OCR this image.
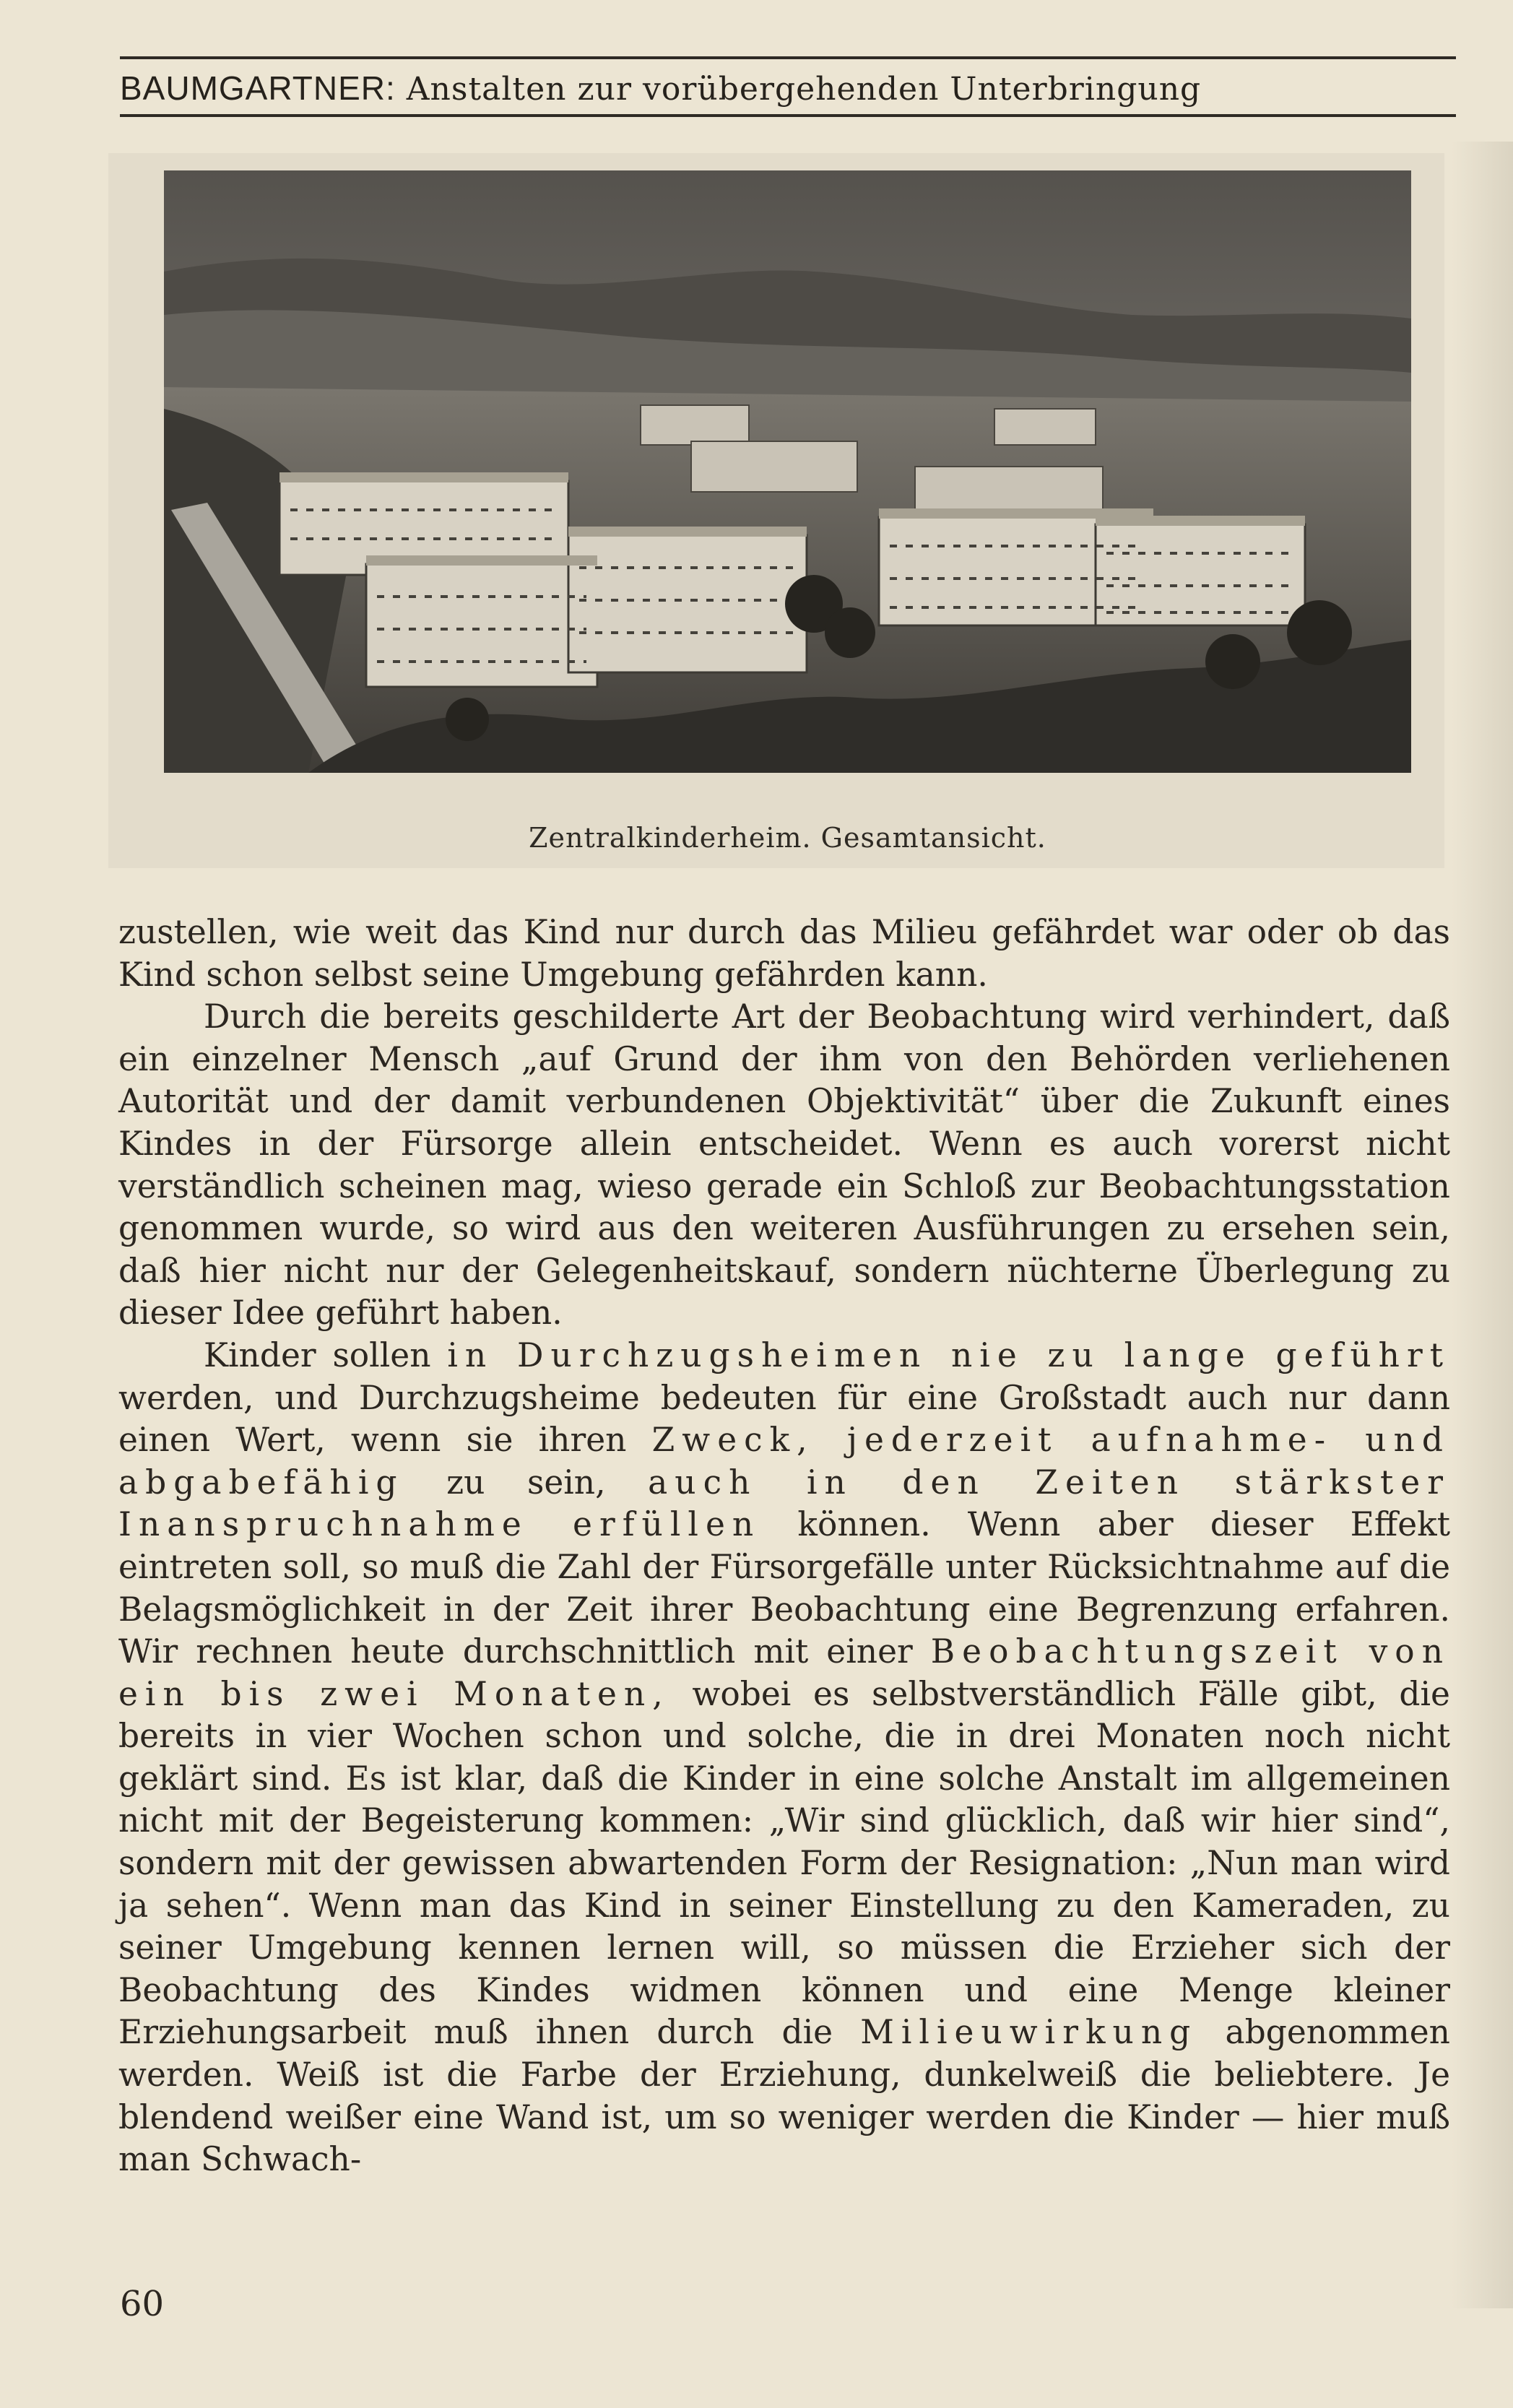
BAUMGARTNER: Anstalten zur vorübergehenden Unterbringung
Zentralkinderheim. Gesamtansicht.

zustellen, wie weit das Kind nur durch das Milieu gefährdet war oder ob das Kind schon selbst seine Umgebung gefährden kann.

Durch die bereits geschilderte Art der Beobachtung wird verhindert, daß ein einzelner Mensch „auf Grund der ihm von den Behörden verliehenen Autorität und der damit verbundenen Objektivität“ über die Zukunft eines Kindes in der Fürsorge allein entscheidet. Wenn es auch vorerst nicht verständlich scheinen mag, wieso gerade ein Schloß zur Beobachtungsstation genommen wurde, so wird aus den weiteren Ausführungen zu ersehen sein, daß hier nicht nur der Gelegenheitskauf, sondern nüchterne Überlegung zu dieser Idee geführt haben.

Kinder sollen in Durchzugsheimen nie zu lange geführt werden, und Durchzugsheime bedeuten für eine Großstadt auch nur dann einen Wert, wenn sie ihren Zweck, jederzeit aufnahme- und abgabefähig zu sein, auch in den Zeiten stärkster Inanspruchnahme erfüllen können. Wenn aber dieser Effekt eintreten soll, so muß die Zahl der Fürsorgefälle unter Rücksichtnahme auf die Belagsmöglichkeit in der Zeit ihrer Beobachtung eine Begrenzung erfahren. Wir rechnen heute durchschnittlich mit einer Beobachtungszeit von ein bis zwei Monaten, wobei es selbstverständlich Fälle gibt, die bereits in vier Wochen schon und solche, die in drei Monaten noch nicht geklärt sind. Es ist klar, daß die Kinder in eine solche Anstalt im allgemeinen nicht mit der Begeisterung kommen: „Wir sind glücklich, daß wir hier sind“, sondern mit der gewissen abwartenden Form der Resignation: „Nun man wird ja sehen“. Wenn man das Kind in seiner Einstellung zu den Kameraden, zu seiner Umgebung kennen lernen will, so müssen die Erzieher sich der Beobachtung des Kindes widmen können und eine Menge kleiner Erziehungsarbeit muß ihnen durch die Milieuwirkung abgenommen werden. Weiß ist die Farbe der Erziehung, dunkelweiß die beliebtere. Je blendend weißer eine Wand ist, um so weniger werden die Kinder — hier muß man Schwach-

60
